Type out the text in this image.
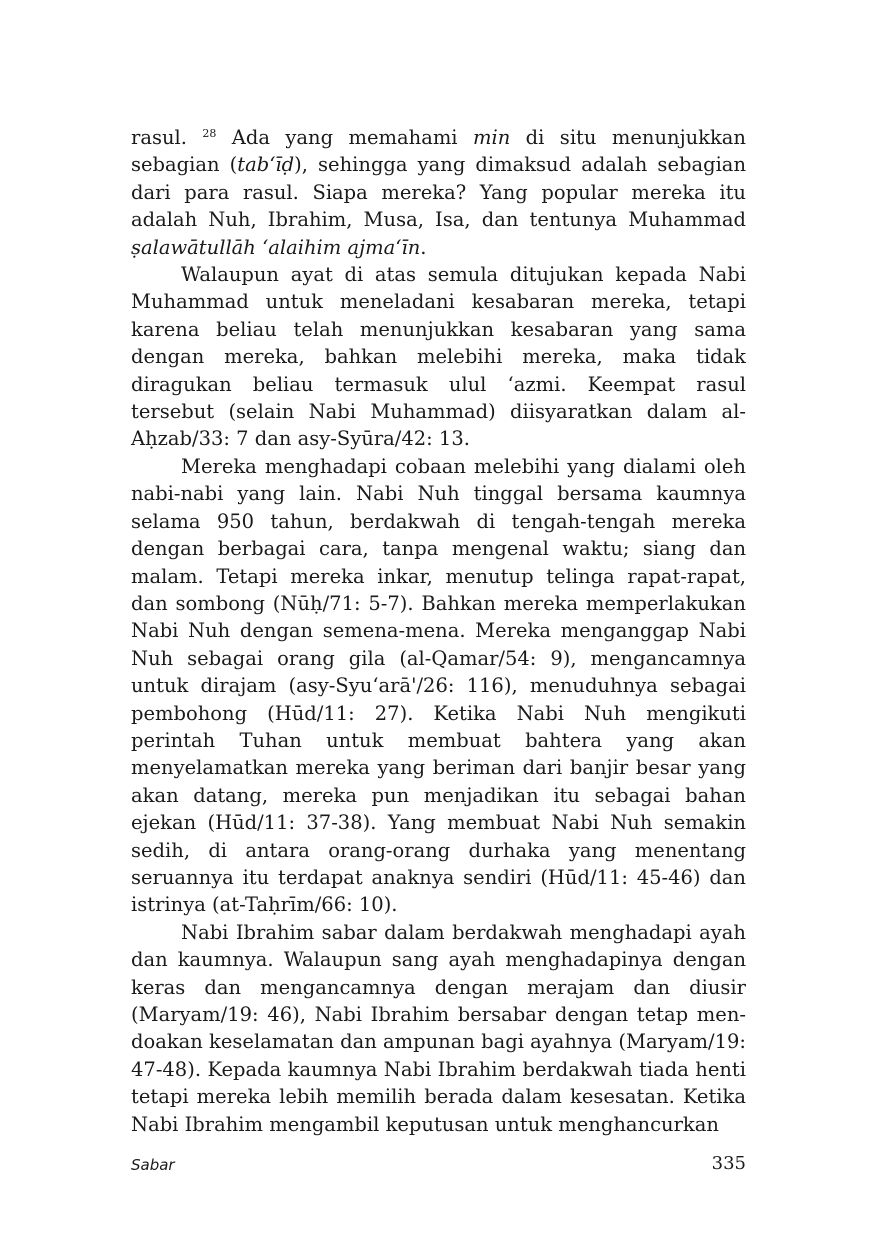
rasul. $^{28}$ Ada yang memahami min di situ menunjukkan sebagian (tab‘īḍ), sehingga yang dimaksud adalah sebagian dari para rasul. Siapa mereka? Yang popular mereka itu adalah Nuh, Ibrahim, Musa, Isa, dan tentunya Muhammad ṣalawātullāh ‘alaihim ajma‘īn.

Walaupun ayat di atas semula ditujukan kepada Nabi Muhammad untuk meneladani kesabaran mereka, tetapi karena beliau telah menunjukkan kesabaran yang sama dengan mereka, bahkan melebihi mereka, maka tidak diragukan beliau termasuk ulul ‘azmi. Keempat rasul tersebut (selain Nabi Muhammad) diisyaratkan dalam al-Aḥzab/33: 7 dan asy-Syūra/42: 13.

Mereka menghadapi cobaan melebihi yang dialami oleh nabi-nabi yang lain. Nabi Nuh tinggal bersama kaumnya selama 950 tahun, berdakwah di tengah-tengah mereka dengan berbagai cara, tanpa mengenal waktu; siang dan malam. Tetapi mereka inkar, menutup telinga rapat-rapat, dan sombong (Nūḥ/71: 5-7). Bahkan mereka memperlakukan Nabi Nuh dengan semena-mena. Mereka menganggap Nabi Nuh sebagai orang gila (al-Qamar/54: 9), mengancamnya untuk dirajam (asy-Syu‘arā'/26: 116), menuduhnya sebagai pembohong (Hūd/11: 27). Ketika Nabi Nuh mengikuti perintah Tuhan untuk membuat bahtera yang akan menyelamatkan mereka yang beriman dari banjir besar yang akan datang, mereka pun menjadikan itu sebagai bahan ejekan (Hūd/11: 37-38). Yang membuat Nabi Nuh semakin sedih, di antara orang-orang durhaka yang menentang seruannya itu terdapat anaknya sendiri (Hūd/11: 45-46) dan istrinya (at-Taḥrīm/66: 10).

Nabi Ibrahim sabar dalam berdakwah menghadapi ayah dan kaumnya. Walaupun sang ayah menghadapinya dengan keras dan mengancamnya dengan merajam dan diusir (Maryam/19: 46), Nabi Ibrahim bersabar dengan tetap men-doakan keselamatan dan ampunan bagi ayahnya (Maryam/19: 47-48). Kepada kaumnya Nabi Ibrahim berdakwah tiada henti tetapi mereka lebih memilih berada dalam kesesatan. Ketika Nabi Ibrahim mengambil keputusan untuk menghancurkan

Sabar	335
